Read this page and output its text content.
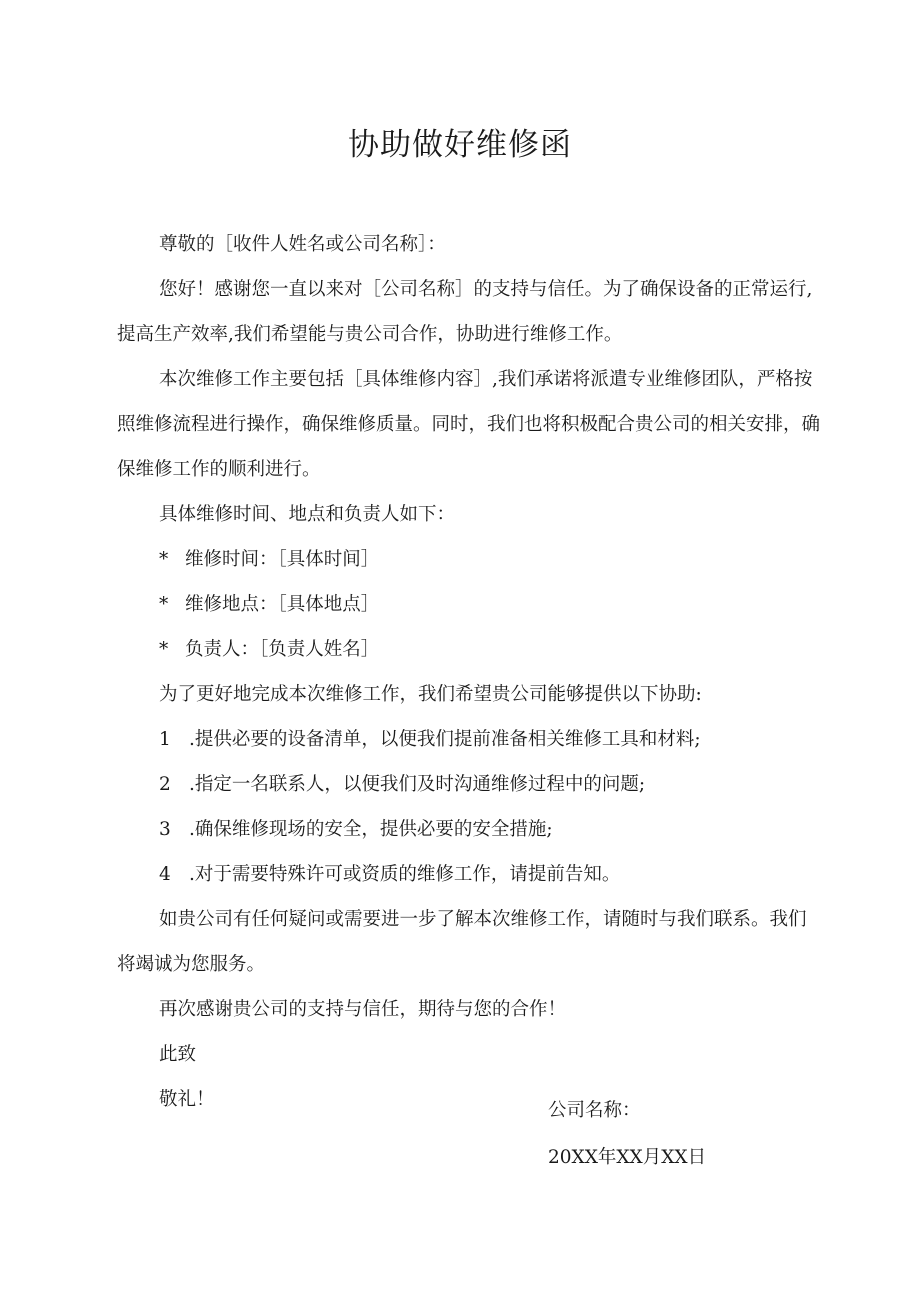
协助做好维修函

尊敬的［收件人姓名或公司名称］：

您好！感谢您一直以来对［公司名称］的支持与信任。为了确保设备的正常运行,提高生产效率,我们希望能与贵公司合作，协助进行维修工作。

本次维修工作主要包括［具体维修内容］,我们承诺将派遣专业维修团队，严格按照维修流程进行操作，确保维修质量。同时，我们也将积极配合贵公司的相关安排，确保维修工作的顺利进行。

具体维修时间、地点和负责人如下：

* 维修时间：［具体时间］

* 维修地点：［具体地点］

* 负责人：［负责人姓名］

为了更好地完成本次维修工作，我们希望贵公司能够提供以下协助:

1 .提供必要的设备清单，以便我们提前准备相关维修工具和材料;

2 .指定一名联系人，以便我们及时沟通维修过程中的问题;

3 .确保维修现场的安全，提供必要的安全措施;

4 .对于需要特殊许可或资质的维修工作，请提前告知。

如贵公司有任何疑问或需要进一步了解本次维修工作，请随时与我们联系。我们将竭诚为您服务。

再次感谢贵公司的支持与信任，期待与您的合作！

此致

敬礼！

公司名称：

20XX年XX月XX日
